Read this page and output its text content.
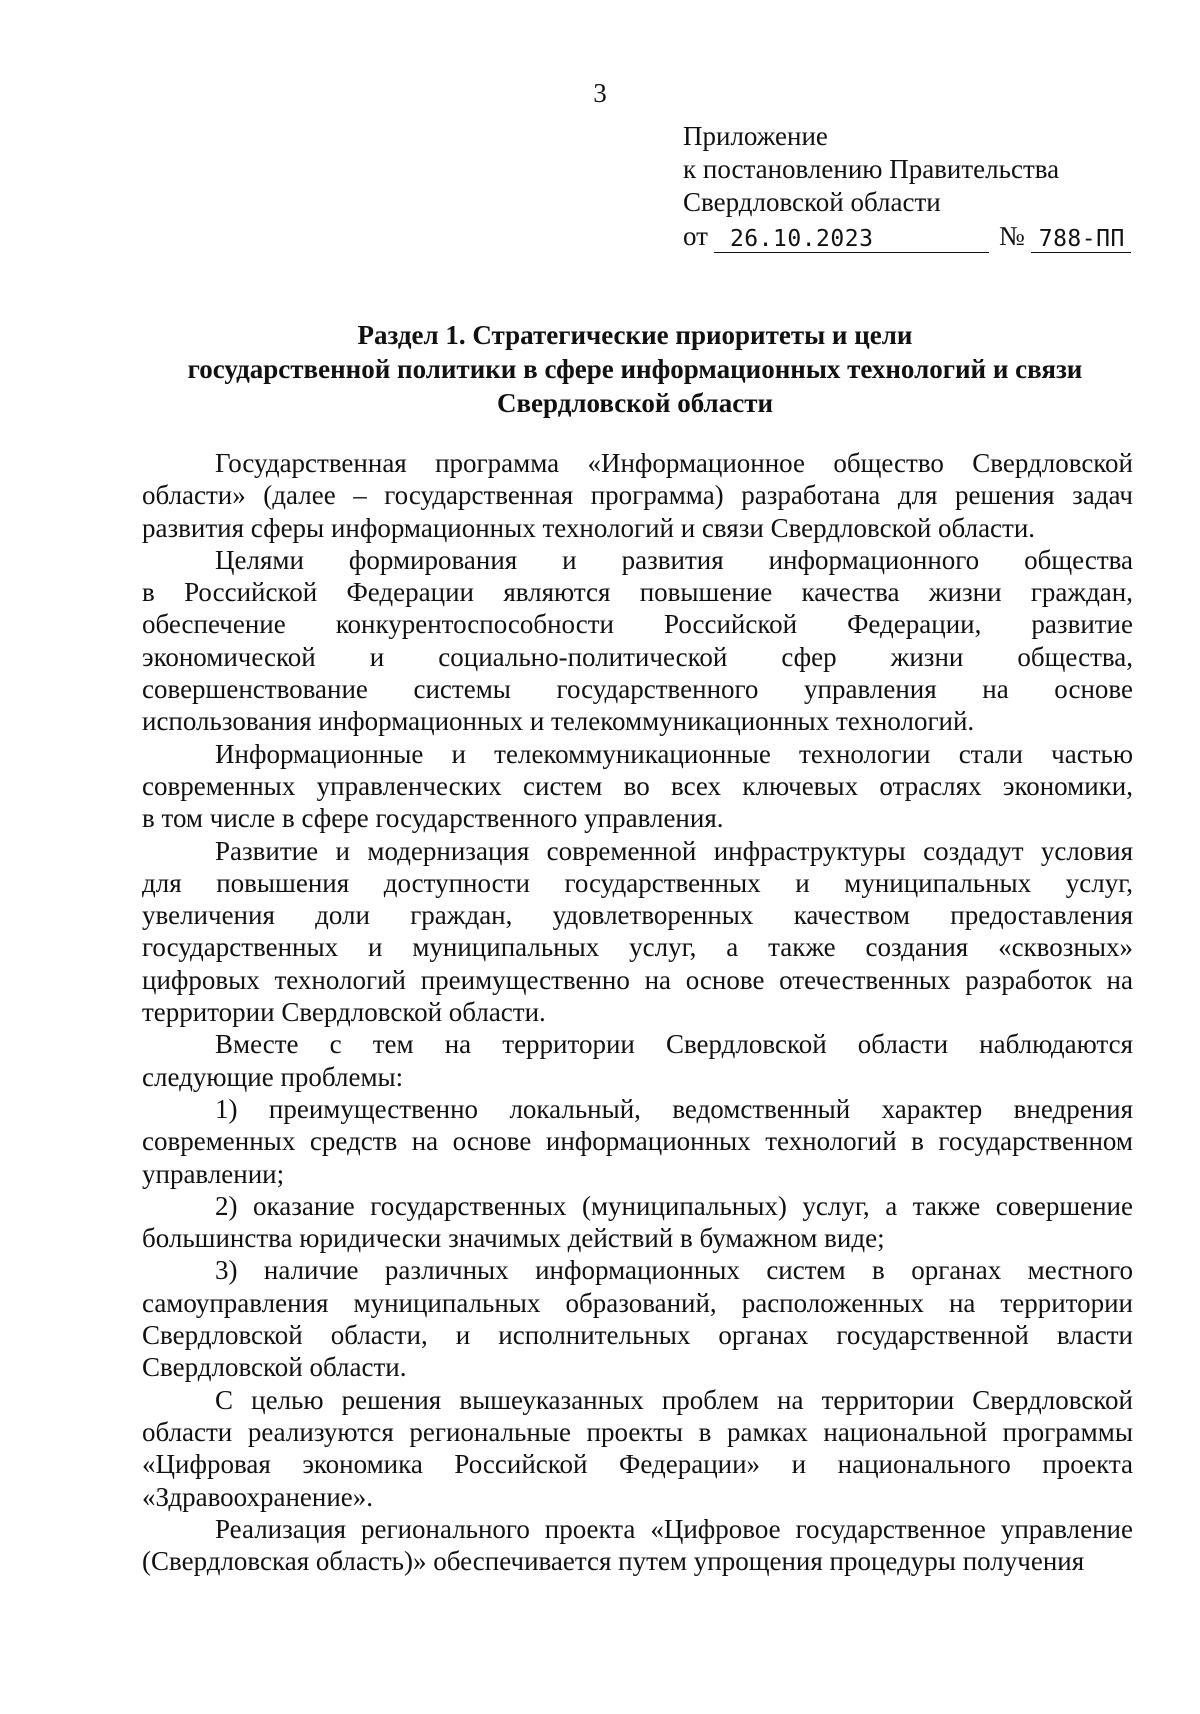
3
Приложение
к постановлению Правительства
Свердловской области
от 26.10.2023	№ 788-ПП
Раздел 1. Стратегические приоритеты и цели
государственной политики в сфере информационных технологий и связи
Свердловской области
Государственная программа «Информационное общество Свердловской
области» (далее – государственная программа) разработана для решения задач
развития сферы информационных технологий и связи Свердловской области.
Целями формирования и развития информационного общества
в Российской Федерации являются повышение качества жизни граждан,
обеспечение конкурентоспособности Российской Федерации, развитие
экономической и социально-политической сфер жизни общества,
совершенствование системы государственного управления на основе
использования информационных и телекоммуникационных технологий.
Информационные и телекоммуникационные технологии стали частью
современных управленческих систем во всех ключевых отраслях экономики,
в том числе в сфере государственного управления.
Развитие и модернизация современной инфраструктуры создадут условия
для повышения доступности государственных и муниципальных услуг,
увеличения доли граждан, удовлетворенных качеством предоставления
государственных и муниципальных услуг, а также создания «сквозных»
цифровых технологий преимущественно на основе отечественных разработок на
территории Свердловской области.
Вместе с тем на территории Свердловской области наблюдаются
следующие проблемы:
1) преимущественно локальный, ведомственный характер внедрения
современных средств на основе информационных технологий в государственном
управлении;
2) оказание государственных (муниципальных) услуг, а также совершение
большинства юридически значимых действий в бумажном виде;
3) наличие различных информационных систем в органах местного
самоуправления муниципальных образований, расположенных на территории
Свердловской области, и исполнительных органах государственной власти
Свердловской области.
С целью решения вышеуказанных проблем на территории Свердловской
области реализуются региональные проекты в рамках национальной программы
«Цифровая экономика Российской Федерации» и национального проекта
«Здравоохранение».
Реализация регионального проекта «Цифровое государственное управление
(Свердловская область)» обеспечивается путем упрощения процедуры получения
